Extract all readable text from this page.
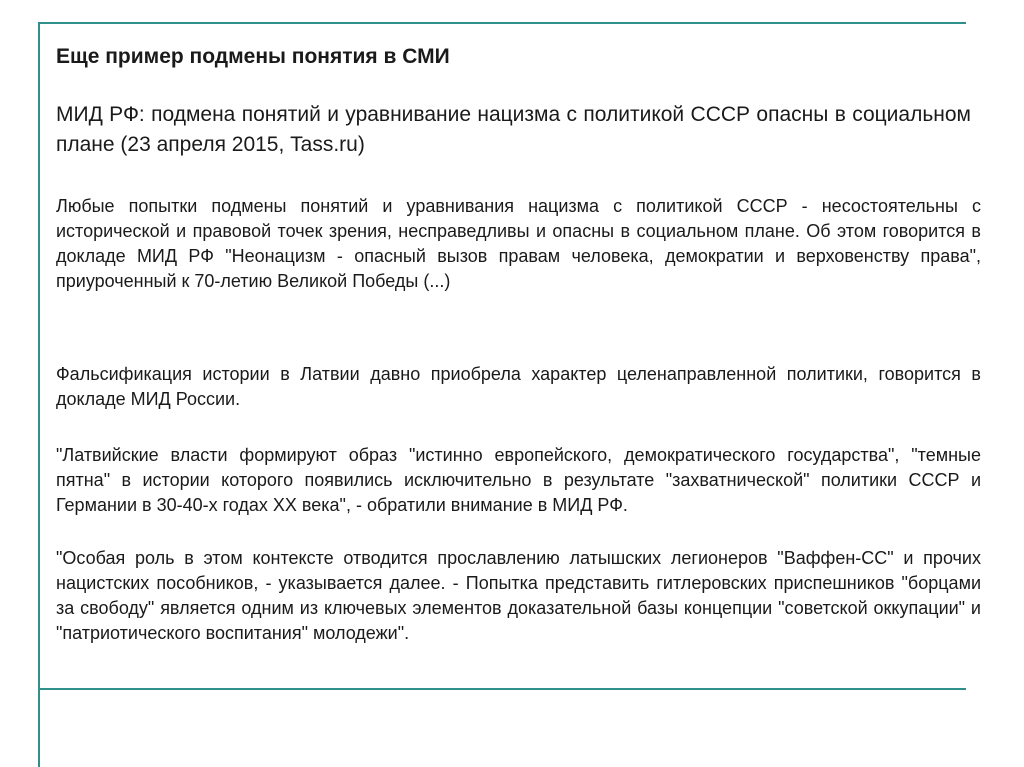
Еще пример подмены понятия в СМИ

МИД РФ: подмена понятий и уравнивание нацизма с политикой СССР опасны в социальном плане (23 апреля 2015, Tass.ru)

Любые попытки подмены понятий и уравнивания нацизма с политикой СССР - несостоятельны с исторической и правовой точек зрения, несправедливы и опасны в социальном плане. Об этом говорится в докладе МИД РФ "Неонацизм - опасный вызов правам человека, демократии и верховенству права", приуроченный к 70-летию Великой Победы (...)

Фальсификация истории в Латвии давно приобрела характер целенаправленной политики, говорится в докладе МИД России.

"Латвийские власти формируют образ "истинно европейского, демократического государства", "темные пятна" в истории которого появились исключительно в результате "захватнической" политики СССР и Германии в 30-40-х годах XX века", - обратили внимание в МИД РФ.

"Особая роль в этом контексте отводится прославлению латышских легионеров "Ваффен-СС" и прочих нацистских пособников, - указывается далее. - Попытка представить гитлеровских приспешников "борцами за свободу" является одним из ключевых элементов доказательной базы концепции "советской оккупации" и "патриотического воспитания" молодежи".
